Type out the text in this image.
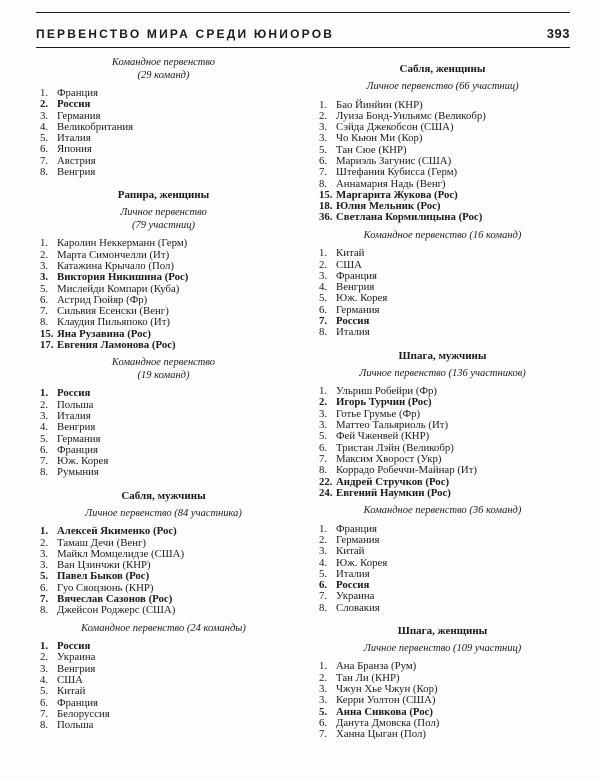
ПЕРВЕНСТВО МИРА СРЕДИ ЮНИОРОВ	393
Командное первенство
(29 команд)
1. Франция
2. Россия
3. Германия
4. Великобритания
5. Италия
6. Япония
7. Австрия
8. Венгрия
Рапира, женщины
Личное первенство
(79 участниц)
1. Каролин Неккерманн (Герм)
2. Марта Симончелли (Ит)
3. Катажина Крычало (Пол)
3. Виктория Никишина (Рос)
5. Мислейди Компари (Куба)
6. Астрид Гюйяр (Фр)
7. Сильвия Есенски (Венг)
8. Клаудия Пильяпоко (Ит)
15. Яна Рузавина (Рос)
17. Евгения Ламонова (Рос)
Командное первенство
(19 команд)
1. Россия
2. Польша
3. Италия
4. Венгрия
5. Германия
6. Франция
7. Юж. Корея
8. Румыния
Сабля, мужчины
Личное первенство (84 участника)
1. Алексей Якименко (Рос)
2. Тамаш Дечи (Венг)
3. Майкл Момцелидзе (США)
3. Ван Цзинчжи (КНР)
5. Павел Быков (Рос)
6. Гуо Сяоцзюнь (КНР)
7. Вячеслав Сазонов (Рос)
8. Джейсон Роджерс (США)
Командное первенство (24 команды)
1. Россия
2. Украина
3. Венгрия
4. США
5. Китай
6. Франция
7. Белоруссия
8. Польша
Сабля, женщины
Личное первенство (66 участниц)
1. Бао Йинйин (КНР)
2. Луиза Бонд-Уильямс (Великобр)
3. Сэйда Джекобсон (США)
3. Чо Кьюн Ми (Кор)
5. Тан Сюе (КНР)
6. Мариэль Загунис (США)
7. Штефания Кубисса (Герм)
8. Аннамария Надь (Венг)
15. Маргарита Жукова (Рос)
18. Юлия Мельник (Рос)
36. Светлана Кормилицына (Рос)
Командное первенство (16 команд)
1. Китай
2. США
3. Франция
4. Венгрия
5. Юж. Корея
6. Германия
7. Россия
8. Италия
Шпага, мужчины
Личное первенство (136 участников)
1. Ульриш Робейри (Фр)
2. Игорь Турчин (Рос)
3. Готье Грумье (Фр)
3. Маттео Тальяриоль (Ит)
5. Фей Чженвей (КНР)
6. Тристан Лэйн (Великобр)
7. Максим Хворост (Укр)
8. Коррадо Робеччи-Майнар (Ит)
22. Андрей Стручков (Рос)
24. Евгений Наумкин (Рос)
Командное первенство (36 команд)
1. Франция
2. Германия
3. Китай
4. Юж. Корея
5. Италия
6. Россия
7. Украина
8. Словакия
Шпага, женщины
Личное первенство (109 участниц)
1. Ана Бранза (Рум)
2. Тан Ли (КНР)
3. Чжун Хье Чжун (Кор)
3. Керри Уолтон (США)
5. Анна Сивкова (Рос)
6. Данута Дмовска (Пол)
7. Ханна Цыган (Пол)
